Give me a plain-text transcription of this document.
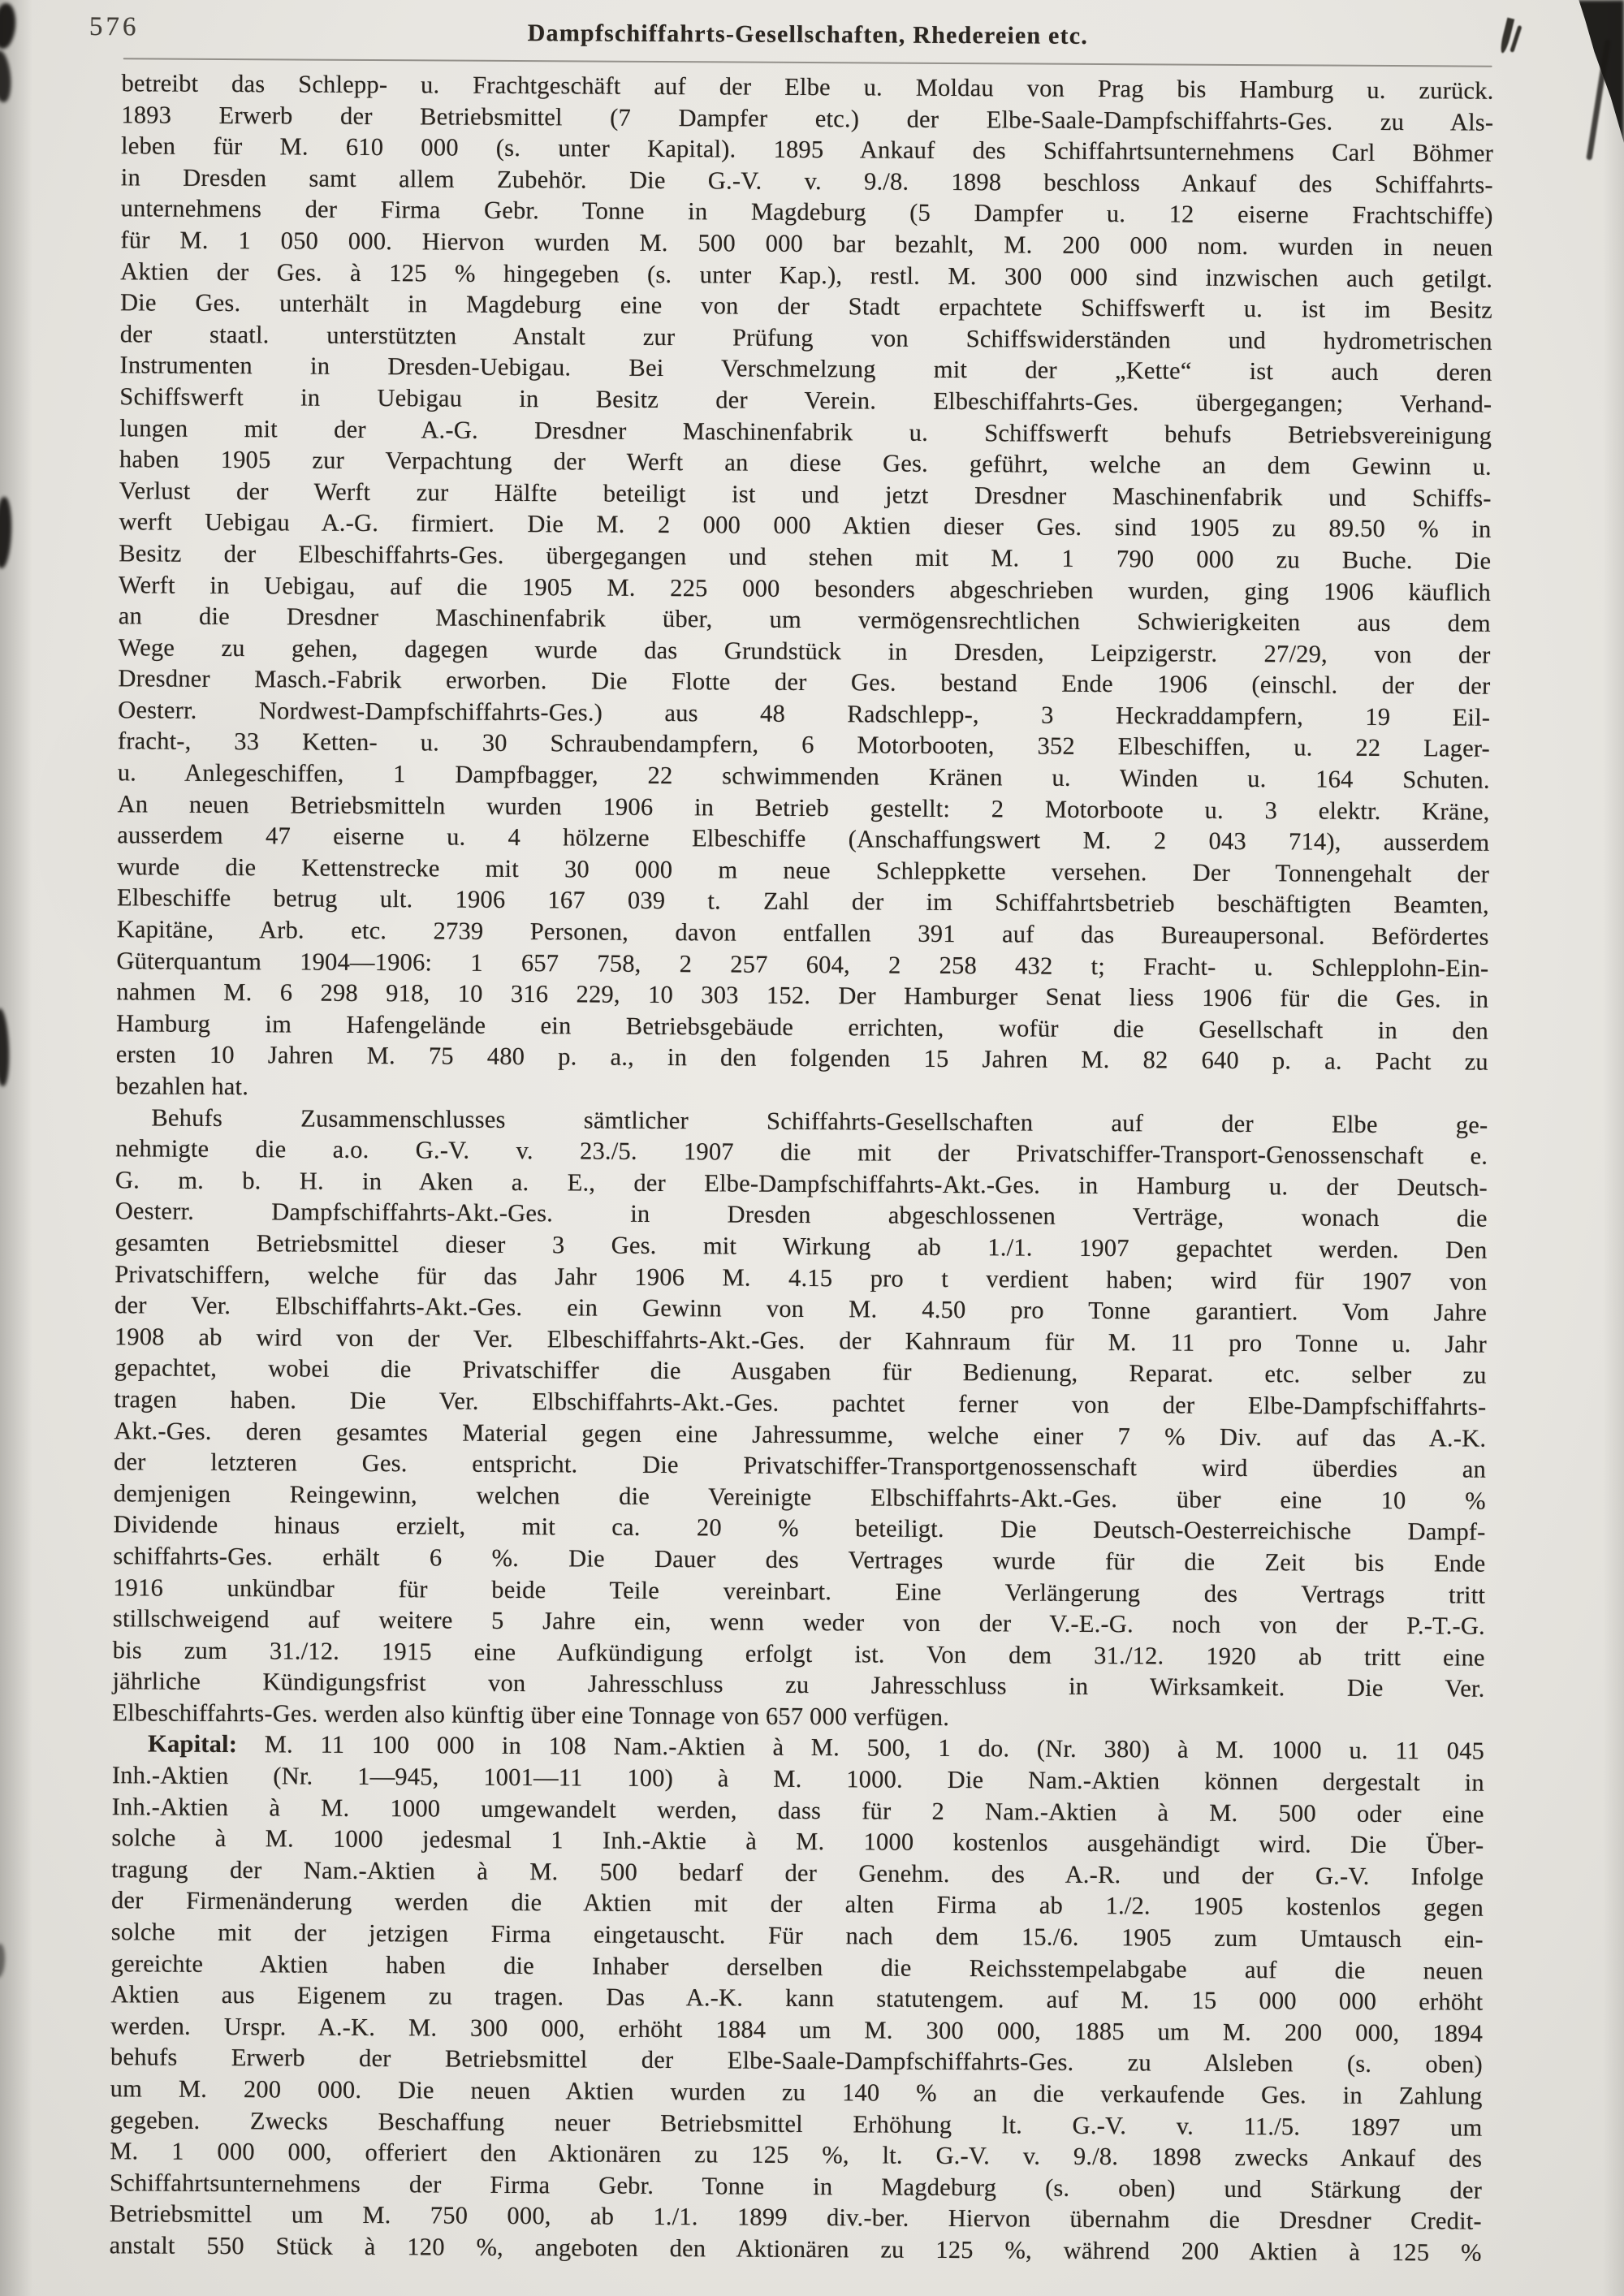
576	Dampfschiffahrts-Gesellschaften, Rhedereien etc.

betreibt das Schlepp- u. Frachtgeschäft auf der Elbe u. Moldau von Prag bis Hamburg u. zurück.
1893 Erwerb der Betriebsmittel (7 Dampfer etc.) der Elbe-Saale-Dampfschiffahrts-Ges. zu Als-
leben für M. 610 000 (s. unter Kapital). 1895 Ankauf des Schiffahrtsunternehmens Carl Böhmer
in Dresden samt allem Zubehör. Die G.-V. v. 9./8. 1898 beschloss Ankauf des Schiffahrts-
unternehmens der Firma Gebr. Tonne in Magdeburg (5 Dampfer u. 12 eiserne Frachtschiffe)
für M. 1 050 000. Hiervon wurden M. 500 000 bar bezahlt, M. 200 000 nom. wurden in neuen
Aktien der Ges. à 125 % hingegeben (s. unter Kap.), restl. M. 300 000 sind inzwischen auch getilgt.
Die Ges. unterhält in Magdeburg eine von der Stadt erpachtete Schiffswerft u. ist im Besitz
der staatl. unterstützten Anstalt zur Prüfung von Schiffswiderständen und hydrometrischen
Instrumenten in Dresden-Uebigau. Bei Verschmelzung mit der „Kette“ ist auch deren
Schiffswerft in Uebigau in Besitz der Verein. Elbeschiffahrts-Ges. übergegangen; Verhand-
lungen mit der A.-G. Dresdner Maschinenfabrik u. Schiffswerft behufs Betriebsvereinigung
haben 1905 zur Verpachtung der Werft an diese Ges. geführt, welche an dem Gewinn u.
Verlust der Werft zur Hälfte beteiligt ist und jetzt Dresdner Maschinenfabrik und Schiffs-
werft Uebigau A.-G. firmiert. Die M. 2 000 000 Aktien dieser Ges. sind 1905 zu 89.50 % in
Besitz der Elbeschiffahrts-Ges. übergegangen und stehen mit M. 1 790 000 zu Buche. Die
Werft in Uebigau, auf die 1905 M. 225 000 besonders abgeschrieben wurden, ging 1906 käuflich
an die Dresdner Maschinenfabrik über, um vermögensrechtlichen Schwierigkeiten aus dem
Wege zu gehen, dagegen wurde das Grundstück in Dresden, Leipzigerstr. 27/29, von der
Dresdner Masch.-Fabrik erworben. Die Flotte der Ges. bestand Ende 1906 (einschl. der der
Oesterr. Nordwest-Dampfschiffahrts-Ges.) aus 48 Radschlepp-, 3 Heckraddampfern, 19 Eil-
fracht-, 33 Ketten- u. 30 Schraubendampfern, 6 Motorbooten, 352 Elbeschiffen, u. 22 Lager-
u. Anlegeschiffen, 1 Dampfbagger, 22 schwimmenden Kränen u. Winden u. 164 Schuten.
An neuen Betriebsmitteln wurden 1906 in Betrieb gestellt: 2 Motorboote u. 3 elektr. Kräne,
ausserdem 47 eiserne u. 4 hölzerne Elbeschiffe (Anschaffungswert M. 2 043 714), ausserdem
wurde die Kettenstrecke mit 30 000 m neue Schleppkette versehen. Der Tonnengehalt der
Elbeschiffe betrug ult. 1906 167 039 t. Zahl der im Schiffahrtsbetrieb beschäftigten Beamten,
Kapitäne, Arb. etc. 2739 Personen, davon entfallen 391 auf das Bureaupersonal. Befördertes
Güterquantum 1904—1906: 1 657 758, 2 257 604, 2 258 432 t; Fracht- u. Schlepplohn-Ein-
nahmen M. 6 298 918, 10 316 229, 10 303 152. Der Hamburger Senat liess 1906 für die Ges. in
Hamburg im Hafengelände ein Betriebsgebäude errichten, wofür die Gesellschaft in den
ersten 10 Jahren M. 75 480 p. a., in den folgenden 15 Jahren M. 82 640 p. a. Pacht zu
bezahlen hat.

Behufs Zusammenschlusses sämtlicher Schiffahrts-Gesellschaften auf der Elbe ge-
nehmigte die a.o. G.-V. v. 23./5. 1907 die mit der Privatschiffer-Transport-Genossenschaft e.
G. m. b. H. in Aken a. E., der Elbe-Dampfschiffahrts-Akt.-Ges. in Hamburg u. der Deutsch-
Oesterr. Dampfschiffahrts-Akt.-Ges. in Dresden abgeschlossenen Verträge, wonach die
gesamten Betriebsmittel dieser 3 Ges. mit Wirkung ab 1./1. 1907 gepachtet werden. Den
Privatschiffern, welche für das Jahr 1906 M. 4.15 pro t verdient haben; wird für 1907 von
der Ver. Elbschiffahrts-Akt.-Ges. ein Gewinn von M. 4.50 pro Tonne garantiert. Vom Jahre
1908 ab wird von der Ver. Elbeschiffahrts-Akt.-Ges. der Kahnraum für M. 11 pro Tonne u. Jahr
gepachtet, wobei die Privatschiffer die Ausgaben für Bedienung, Reparat. etc. selber zu
tragen haben. Die Ver. Elbschiffahrts-Akt.-Ges. pachtet ferner von der Elbe-Dampfschiffahrts-
Akt.-Ges. deren gesamtes Material gegen eine Jahressumme, welche einer 7 % Div. auf das A.-K.
der letzteren Ges. entspricht. Die Privatschiffer-Transportgenossenschaft wird überdies an
demjenigen Reingewinn, welchen die Vereinigte Elbschiffahrts-Akt.-Ges. über eine 10 %
Dividende hinaus erzielt, mit ca. 20 % beteiligt. Die Deutsch-Oesterreichische Dampf-
schiffahrts-Ges. erhält 6 %. Die Dauer des Vertrages wurde für die Zeit bis Ende
1916 unkündbar für beide Teile vereinbart. Eine Verlängerung des Vertrags tritt
stillschweigend auf weitere 5 Jahre ein, wenn weder von der V.-E.-G. noch von der P.-T.-G.
bis zum 31./12. 1915 eine Aufkündigung erfolgt ist. Von dem 31./12. 1920 ab tritt eine
jährliche Kündigungsfrist von Jahresschluss zu Jahresschluss in Wirksamkeit. Die Ver.
Elbeschiffahrts-Ges. werden also künftig über eine Tonnage von 657 000 verfügen.

Kapital: M. 11 100 000 in 108 Nam.-Aktien à M. 500, 1 do. (Nr. 380) à M. 1000 u. 11 045
Inh.-Aktien (Nr. 1—945, 1001—11 100) à M. 1000. Die Nam.-Aktien können dergestalt in
Inh.-Aktien à M. 1000 umgewandelt werden, dass für 2 Nam.-Aktien à M. 500 oder eine
solche à M. 1000 jedesmal 1 Inh.-Aktie à M. 1000 kostenlos ausgehändigt wird. Die Über-
tragung der Nam.-Aktien à M. 500 bedarf der Genehm. des A.-R. und der G.-V. Infolge
der Firmenänderung werden die Aktien mit der alten Firma ab 1./2. 1905 kostenlos gegen
solche mit der jetzigen Firma eingetauscht. Für nach dem 15./6. 1905 zum Umtausch ein-
gereichte Aktien haben die Inhaber derselben die Reichsstempelabgabe auf die neuen
Aktien aus Eigenem zu tragen. Das A.-K. kann statutengem. auf M. 15 000 000 erhöht
werden. Urspr. A.-K. M. 300 000, erhöht 1884 um M. 300 000, 1885 um M. 200 000, 1894
behufs Erwerb der Betriebsmittel der Elbe-Saale-Dampfschiffahrts-Ges. zu Alsleben (s. oben)
um M. 200 000. Die neuen Aktien wurden zu 140 % an die verkaufende Ges. in Zahlung
gegeben. Zwecks Beschaffung neuer Betriebsmittel Erhöhung lt. G.-V. v. 11./5. 1897 um
M. 1 000 000, offeriert den Aktionären zu 125 %, lt. G.-V. v. 9./8. 1898 zwecks Ankauf des
Schiffahrtsunternehmens der Firma Gebr. Tonne in Magdeburg (s. oben) und Stärkung der
Betriebsmittel um M. 750 000, ab 1./1. 1899 div.-ber. Hiervon übernahm die Dresdner Credit-
anstalt 550 Stück à 120 %, angeboten den Aktionären zu 125 %, während 200 Aktien à 125 %
